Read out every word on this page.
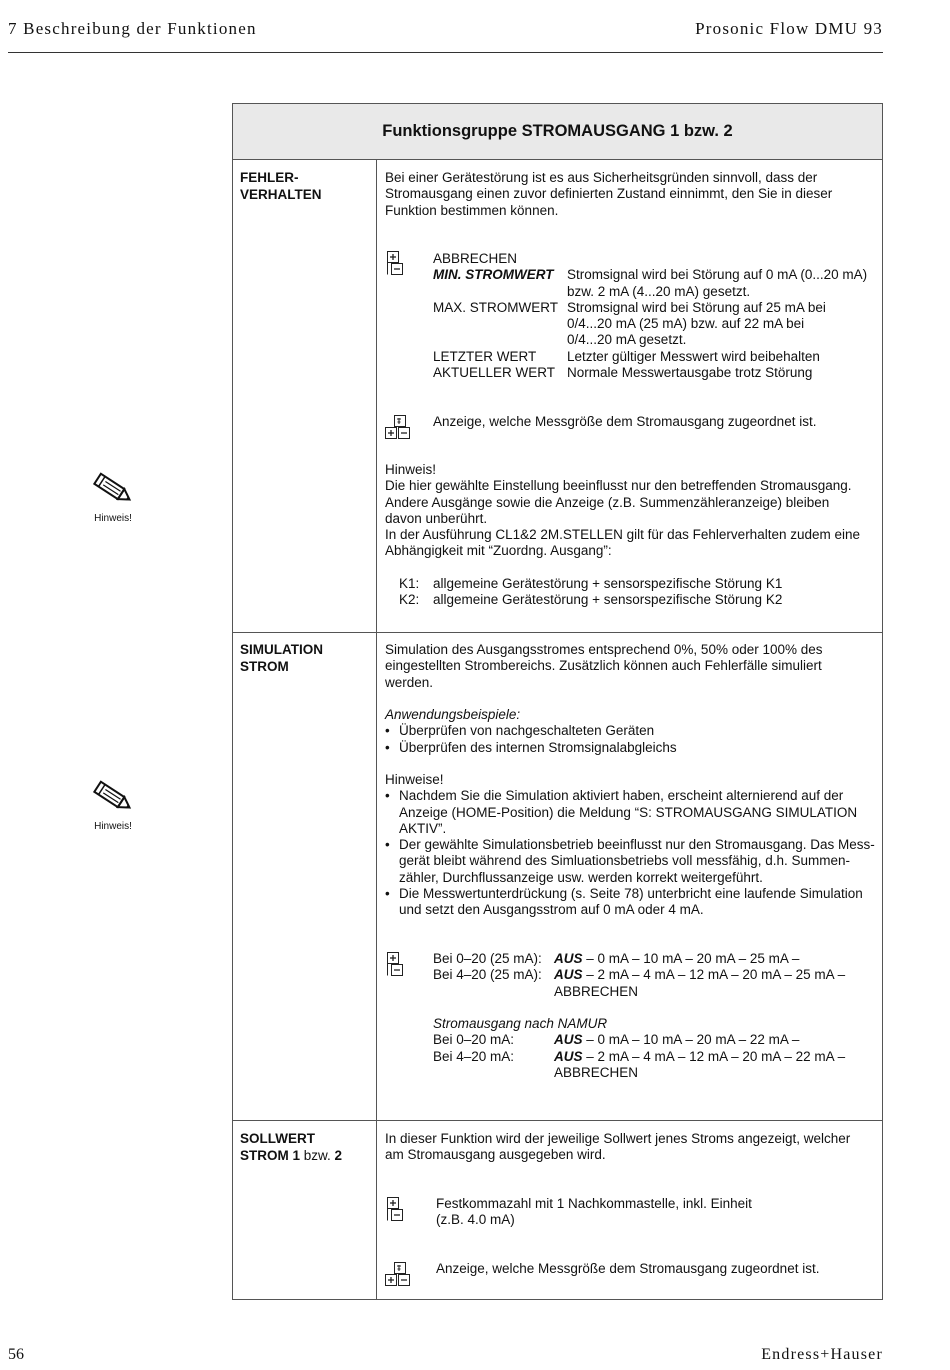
7 Beschreibung der Funktionen	Prosonic Flow DMU 93
Funktionsgruppe STROMAUSGANG 1 bzw. 2
FEHLER-
VERHALTEN
Bei einer Gerätestörung ist es aus Sicherheitsgründen sinnvoll, dass der
Stromausgang einen zuvor definierten Zustand einnimmt, den Sie in dieser
Funktion bestimmen können.
ABBRECHEN
MIN. STROMWERT	Stromsignal wird bei Störung auf 0 mA (0...20 mA)
bzw. 2 mA (4...20 mA) gesetzt.
MAX. STROMWERT Stromsignal wird bei Störung auf 25 mA bei
0/4...20 mA (25 mA) bzw. auf 22 mA bei
0/4...20 mA gesetzt.
LETZTER WERT	Letzter gültiger Messwert wird beibehalten
AKTUELLER WERT Normale Messwertausgabe trotz Störung
Anzeige, welche Messgröße dem Stromausgang zugeordnet ist.
Hinweis!
Hinweis!
Die hier gewählte Einstellung beeinflusst nur den betreffenden Stromausgang.
Andere Ausgänge sowie die Anzeige (z.B. Summenzähleranzeige) bleiben
davon unberührt.
In der Ausführung CL1&2 2M.STELLEN gilt für das Fehlerverhalten zudem eine
Abhängigkeit mit “Zuordng. Ausgang”:
K1:	allgemeine Gerätestörung + sensorspezifische Störung K1
K2:	allgemeine Gerätestörung + sensorspezifische Störung K2
SIMULATION
STROM
Simulation des Ausgangsstromes entsprechend 0%, 50% oder 100% des
eingestellten Strombereichs. Zusätzlich können auch Fehlerfälle simuliert
werden.
Anwendungsbeispiele:
• Überprüfen von nachgeschalteten Geräten
• Überprüfen des internen Stromsignalabgleichs
Hinweis!
Hinweise!
• Nachdem Sie die Simulation aktiviert haben, erscheint alternierend auf der Anzeige (HOME-Position) die Meldung “S: STROMAUSGANG SIMULATION AKTIV”.
• Der gewählte Simulationsbetrieb beeinflusst nur den Stromausgang. Das Messgerät bleibt während des Simluationsbetriebs voll messfähig, d.h. Summenzähler, Durchflussanzeige usw. werden korrekt weitergeführt.
• Die Messwertunterdrückung (s. Seite 78) unterbricht eine laufende Simulation und setzt den Ausgangsstrom auf 0 mA oder 4 mA.
Bei 0–20 (25 mA): AUS – 0 mA – 10 mA – 20 mA – 25 mA –
Bei 4–20 (25 mA): AUS – 2 mA – 4 mA – 12 mA – 20 mA – 25 mA –
ABBRECHEN
Stromausgang nach NAMUR
Bei 0–20 mA:	AUS – 0 mA – 10 mA – 20 mA – 22 mA –
Bei 4–20 mA:	AUS – 2 mA – 4 mA – 12 mA – 20 mA – 22 mA –
ABBRECHEN
SOLLWERT
STROM 1 bzw. 2
In dieser Funktion wird der jeweilige Sollwert jenes Stroms angezeigt, welcher
am Stromausgang ausgegeben wird.
Festkommazahl mit 1 Nachkommastelle, inkl. Einheit
(z.B. 4.0 mA)
Anzeige, welche Messgröße dem Stromausgang zugeordnet ist.
56	Endress+Hauser
